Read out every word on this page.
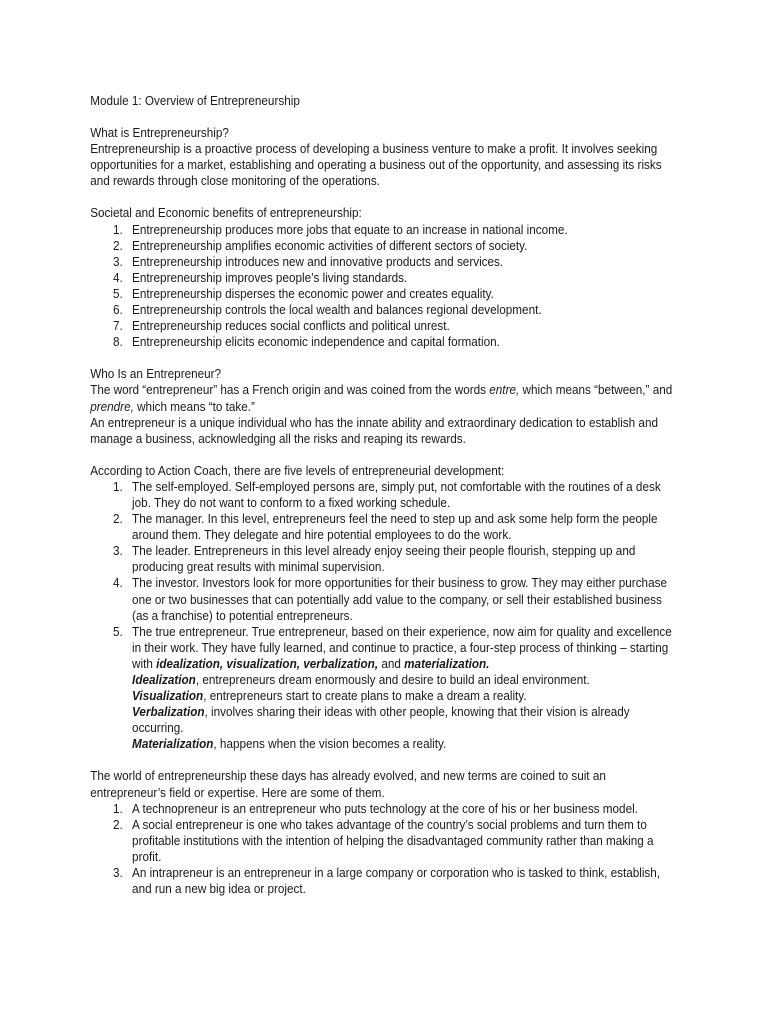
Module 1: Overview of Entrepreneurship
What is Entrepreneurship?
Entrepreneurship is a proactive process of developing a business venture to make a profit. It involves seeking opportunities for a market, establishing and operating a business out of the opportunity, and assessing its risks and rewards through close monitoring of the operations.
Societal and Economic benefits of entrepreneurship:
1. Entrepreneurship produces more jobs that equate to an increase in national income.
2. Entrepreneurship amplifies economic activities of different sectors of society.
3. Entrepreneurship introduces new and innovative products and services.
4. Entrepreneurship improves people’s living standards.
5. Entrepreneurship disperses the economic power and creates equality.
6. Entrepreneurship controls the local wealth and balances regional development.
7. Entrepreneurship reduces social conflicts and political unrest.
8. Entrepreneurship elicits economic independence and capital formation.
Who Is an Entrepreneur?
The word “entrepreneur” has a French origin and was coined from the words entre, which means “between,” and prendre, which means “to take.”
An entrepreneur is a unique individual who has the innate ability and extraordinary dedication to establish and manage a business, acknowledging all the risks and reaping its rewards.
According to Action Coach, there are five levels of entrepreneurial development:
1. The self-employed. Self-employed persons are, simply put, not comfortable with the routines of a desk job. They do not want to conform to a fixed working schedule.
2. The manager. In this level, entrepreneurs feel the need to step up and ask some help form the people around them. They delegate and hire potential employees to do the work.
3. The leader. Entrepreneurs in this level already enjoy seeing their people flourish, stepping up and producing great results with minimal supervision.
4. The investor. Investors look for more opportunities for their business to grow. They may either purchase one or two businesses that can potentially add value to the company, or sell their established business (as a franchise) to potential entrepreneurs.
5. The true entrepreneur. True entrepreneur, based on their experience, now aim for quality and excellence in their work. They have fully learned, and continue to practice, a four-step process of thinking – starting with idealization, visualization, verbalization, and materialization.
Idealization, entrepreneurs dream enormously and desire to build an ideal environment.
Visualization, entrepreneurs start to create plans to make a dream a reality.
Verbalization, involves sharing their ideas with other people, knowing that their vision is already occurring.
Materialization, happens when the vision becomes a reality.
The world of entrepreneurship these days has already evolved, and new terms are coined to suit an entrepreneur’s field or expertise. Here are some of them.
1. A technopreneur is an entrepreneur who puts technology at the core of his or her business model.
2. A social entrepreneur is one who takes advantage of the country’s social problems and turn them to profitable institutions with the intention of helping the disadvantaged community rather than making a profit.
3. An intrapreneur is an entrepreneur in a large company or corporation who is tasked to think, establish, and run a new big idea or project.
